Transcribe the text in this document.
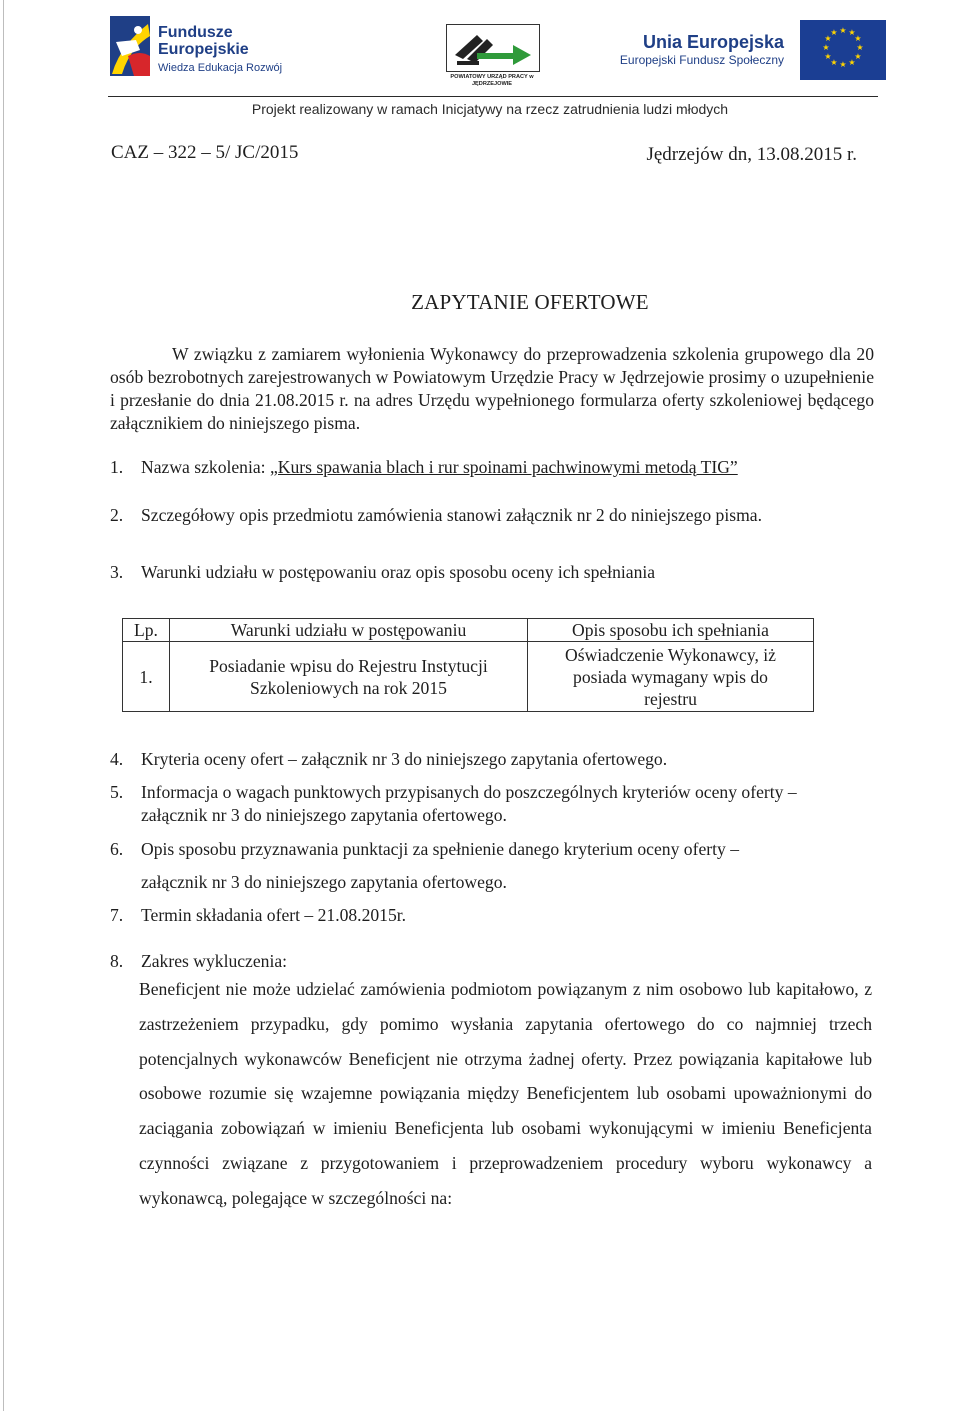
Fundusze Europejskie
Wiedza Edukacja Rozwój
POWIATOWY URZĄD PRACY w JĘDRZEJOWIE
Unia Europejska
Europejski Fundusz Społeczny
★ ★
★
★
★
★
★
★
★
★
★
★
Projekt realizowany w ramach Inicjatywy na rzecz zatrudnienia ludzi młodych
CAZ – 322 – 5/ JC/2015	Jędrzejów dn, 13.08.2015 r.
ZAPYTANIE OFERTOWE

W związku z zamiarem wyłonienia Wykonawcy do przeprowadzenia szkolenia grupowego dla 20 osób bezrobotnych zarejestrowanych w Powiatowym Urzędzie Pracy w Jędrzejowie prosimy o uzupełnienie i przesłanie do dnia 21.08.2015 r. na adres Urzędu wypełnionego formularza oferty szkoleniowej będącego załącznikiem do niniejszego pisma.

1.	Nazwa szkolenia: „Kurs spawania blach i rur spoinami pachwinowymi metodą TIG”
2.	Szczegółowy opis przedmiotu zamówienia stanowi załącznik nr 2 do niniejszego pisma.
3.	Warunki udziału w postępowaniu oraz opis sposobu oceny ich spełniania
Lp.	Warunki udziału w postępowaniu	Opis sposobu ich spełniania
1.	Posiadanie wpisu do Rejestru Instytucji Szkoleniowych na rok 2015	Oświadczenie Wykonawcy, iż posiada wymagany wpis do rejestru
4.	Kryteria oceny ofert – załącznik nr 3 do niniejszego zapytania ofertowego.
5.	Informacja o wagach punktowych przypisanych do poszczególnych kryteriów oceny oferty – załącznik nr 3 do niniejszego zapytania ofertowego.
6.	Opis sposobu przyznawania punktacji za spełnienie danego kryterium oceny oferty –
załącznik nr 3 do niniejszego zapytania ofertowego.
7.	Termin składania ofert – 21.08.2015r.
8.	Zakres wykluczenia:

Beneficjent nie może udzielać zamówienia podmiotom powiązanym z nim osobowo lub kapitałowo, z zastrzeżeniem przypadku, gdy pomimo wysłania zapytania ofertowego do co najmniej trzech potencjalnych wykonawców Beneficjent nie otrzyma żadnej oferty. Przez powiązania kapitałowe lub osobowe rozumie się wzajemne powiązania między Beneficjentem lub osobami upoważnionymi do zaciągania zobowiązań w imieniu Beneficjenta lub osobami wykonującymi w imieniu Beneficjenta czynności związane z przygotowaniem i przeprowadzeniem procedury wyboru wykonawcy a wykonawcą, polegające w szczególności na:
